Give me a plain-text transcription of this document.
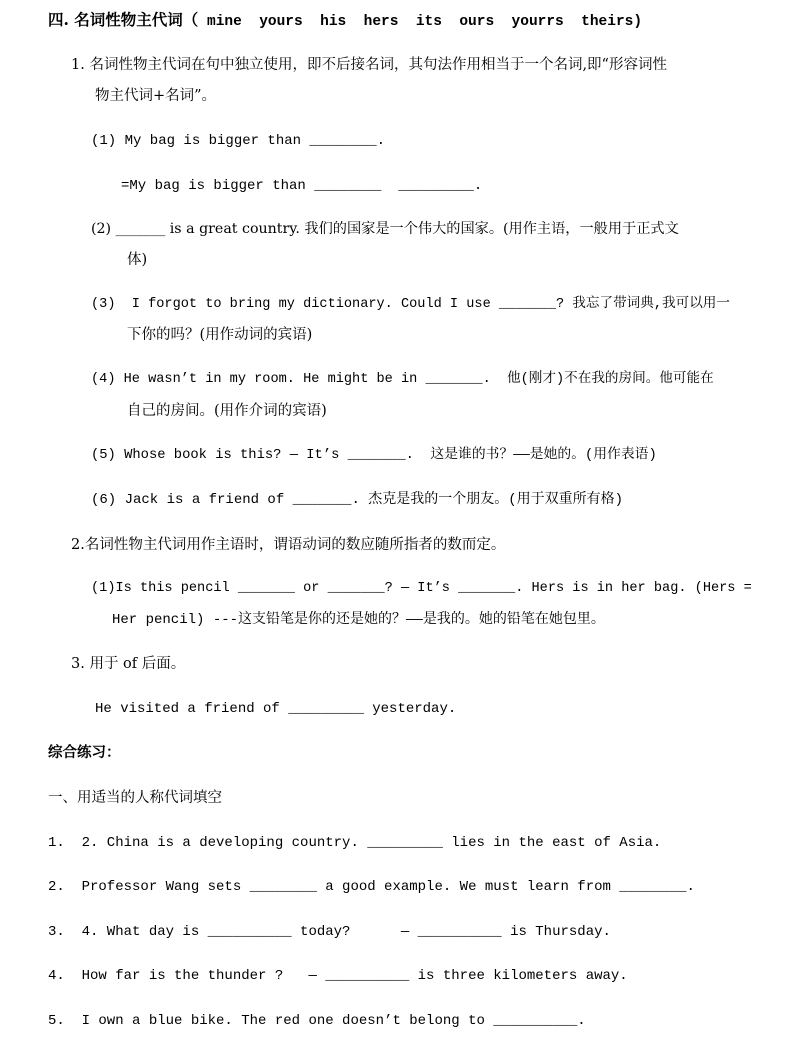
四. 名词性物主代词（ mine  yours  his  hers  its  ours  yourrs  theirs)
1. 名词性物主代词在句中独立使用，即不后接名词，其句法作用相当于一个名词,即“形容词性
物主代词+名词”。
(1) My bag is bigger than ________.
=My bag is bigger than ________  _________.
(2) _______ is a great country. 我们的国家是一个伟大的国家。(用作主语，一般用于正式文
体)
(3)  I forgot to bring my dictionary. Could I use _______? 我忘了带词典,我可以用一
下你的吗？(用作动词的宾语)
(4) He wasn’t in my room. He might be in _______.  他(刚才)不在我的房间。他可能在
自己的房间。(用作介词的宾语)
(5) Whose book is this? — It’s _______.  这是谁的书？——是她的。(用作表语)
(6) Jack is a friend of _______. 杰克是我的一个朋友。(用于双重所有格)
2.名词性物主代词用作主语时，谓语动词的数应随所指者的数而定。
(1)Is this pencil _______ or _______? — It’s _______. Hers is in her bag. (Hers =
Her pencil) ---这支铅笔是你的还是她的？——是我的。她的铅笔在她包里。
3. 用于 of 后面。
He visited a friend of _________ yesterday.
综合练习：
一、用适当的人称代词填空
1.  2. China is a developing country. _________ lies in the east of Asia.
2.  Professor Wang sets ________ a good example. We must learn from ________.
3.  4. What day is __________ today?      — __________ is Thursday.
4.  How far is the thunder ?   — __________ is three kilometers away.
5.  I own a blue bike. The red one doesn’t belong to __________.
